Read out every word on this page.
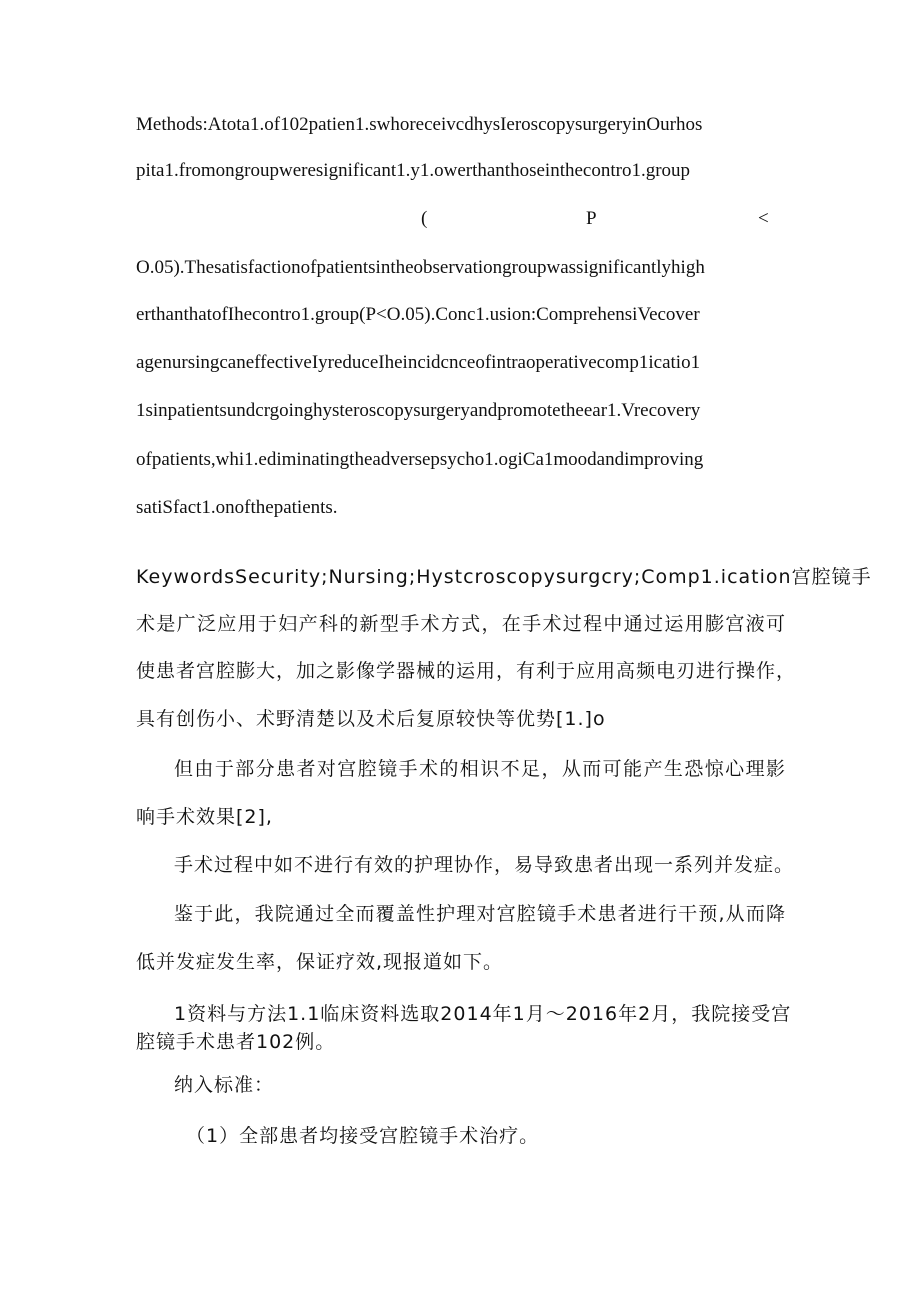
Methods:Atota1.of102patien1.swhoreceivcdhysIeroscopysurgeryinOurhos
pita1.fromongroupweresignificant1.y1.owerthanthoseinthecontro1.group
(	P	<
O.05).Thesatisfactionofpatientsintheobservationgroupwassignificantlyhigh
erthanthatofIhecontro1.group(P<O.05).Conc1.usion:ComprehensiVecover
agenursingcaneffectiveIyreduceIheincidcnceofintraoperativecomp1icatio1
1sinpatientsundcrgoinghysteroscopysurgeryandpromotetheear1.Vrecovery
ofpatients,whi1.ediminatingtheadversepsycho1.ogiCa1moodandimproving
satiSfact1.onofthepatients.
KeywordsSecurity;Nursing;Hystcroscopysurgcry;Comp1.ication宫腔镜手
术是广泛应用于妇产科的新型手术方式，在手术过程中通过运用膨宫液可
使患者宫腔膨大，加之影像学器械的运用，有利于应用高频电刃进行操作，
具有创伤小、术野清楚以及术后复原较快等优势[1.]o
但由于部分患者对宫腔镜手术的相识不足，从而可能产生恐惊心理影
响手术效果[2],
手术过程中如不进行有效的护理协作，易导致患者出现一系列并发症。
鉴于此，我院通过全而覆盖性护理对宫腔镜手术患者进行干预,从而降
低并发症发生率，保证疗效,现报道如下。
1资料与方法1.1临床资料选取2014年1月～2016年2月，我院接受宫
腔镜手术患者102例。
纳入标准：
（1）全部患者均接受宫腔镜手术治疗。
